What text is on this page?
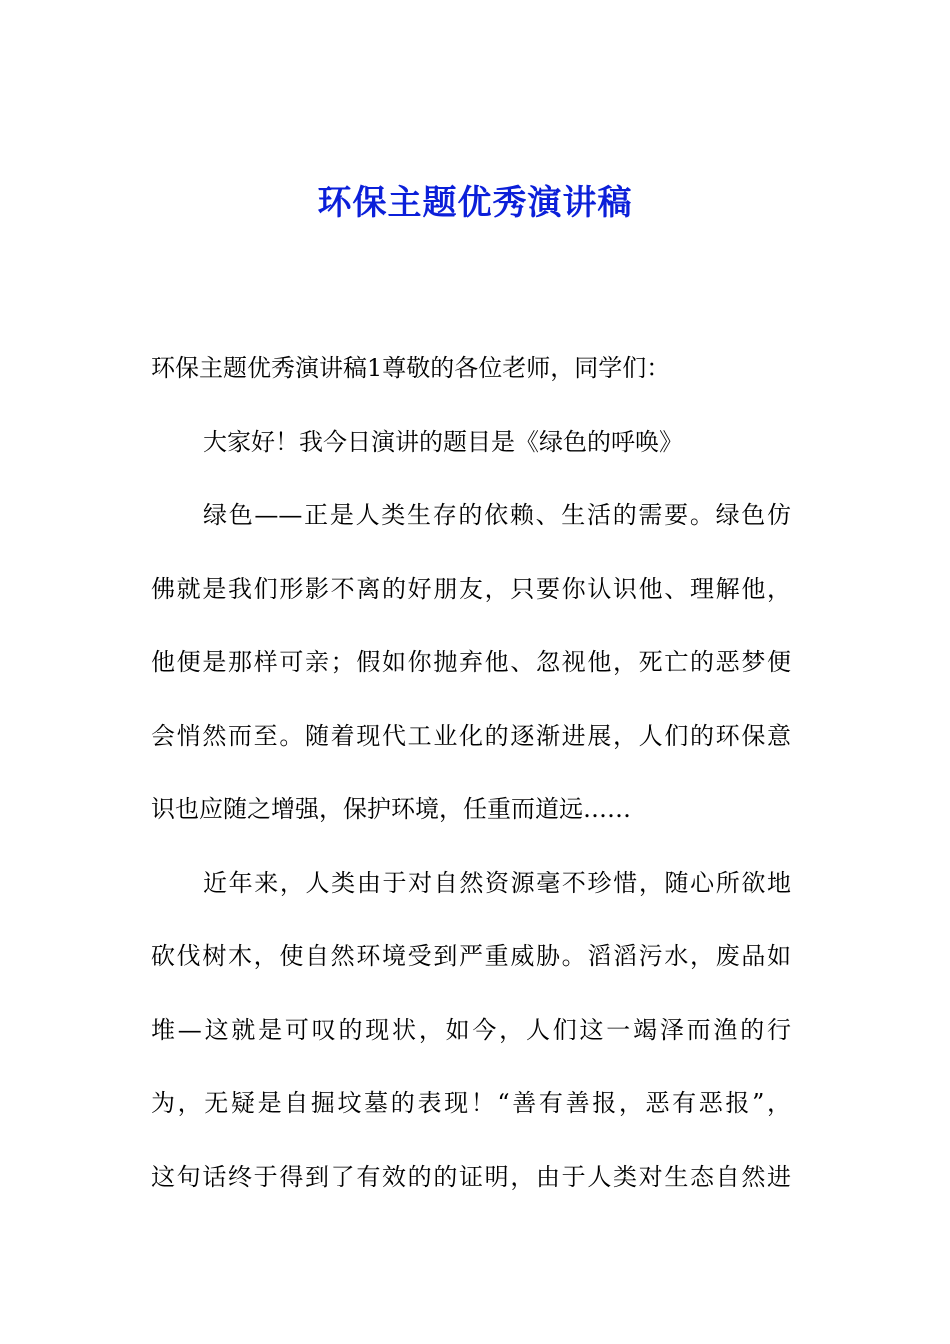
环保主题优秀演讲稿
环保主题优秀演讲稿1尊敬的各位老师，同学们：
大家好！我今日演讲的题目是《绿色的呼唤》
绿色——正是人类生存的依赖、生活的需要。绿色仿
佛就是我们形影不离的好朋友，只要你认识他、理解他，
他便是那样可亲；假如你抛弃他、忽视他，死亡的恶梦便
会悄然而至。随着现代工业化的逐渐进展，人们的环保意
识也应随之增强，保护环境，任重而道远……
近年来，人类由于对自然资源毫不珍惜，随心所欲地
砍伐树木，使自然环境受到严重威胁。滔滔污水，废品如
堆—这就是可叹的现状，如今，人们这一竭泽而渔的行
为，无疑是自掘坟墓的表现！“善有善报，恶有恶报”，
这句话终于得到了有效的的证明，由于人类对生态自然进
